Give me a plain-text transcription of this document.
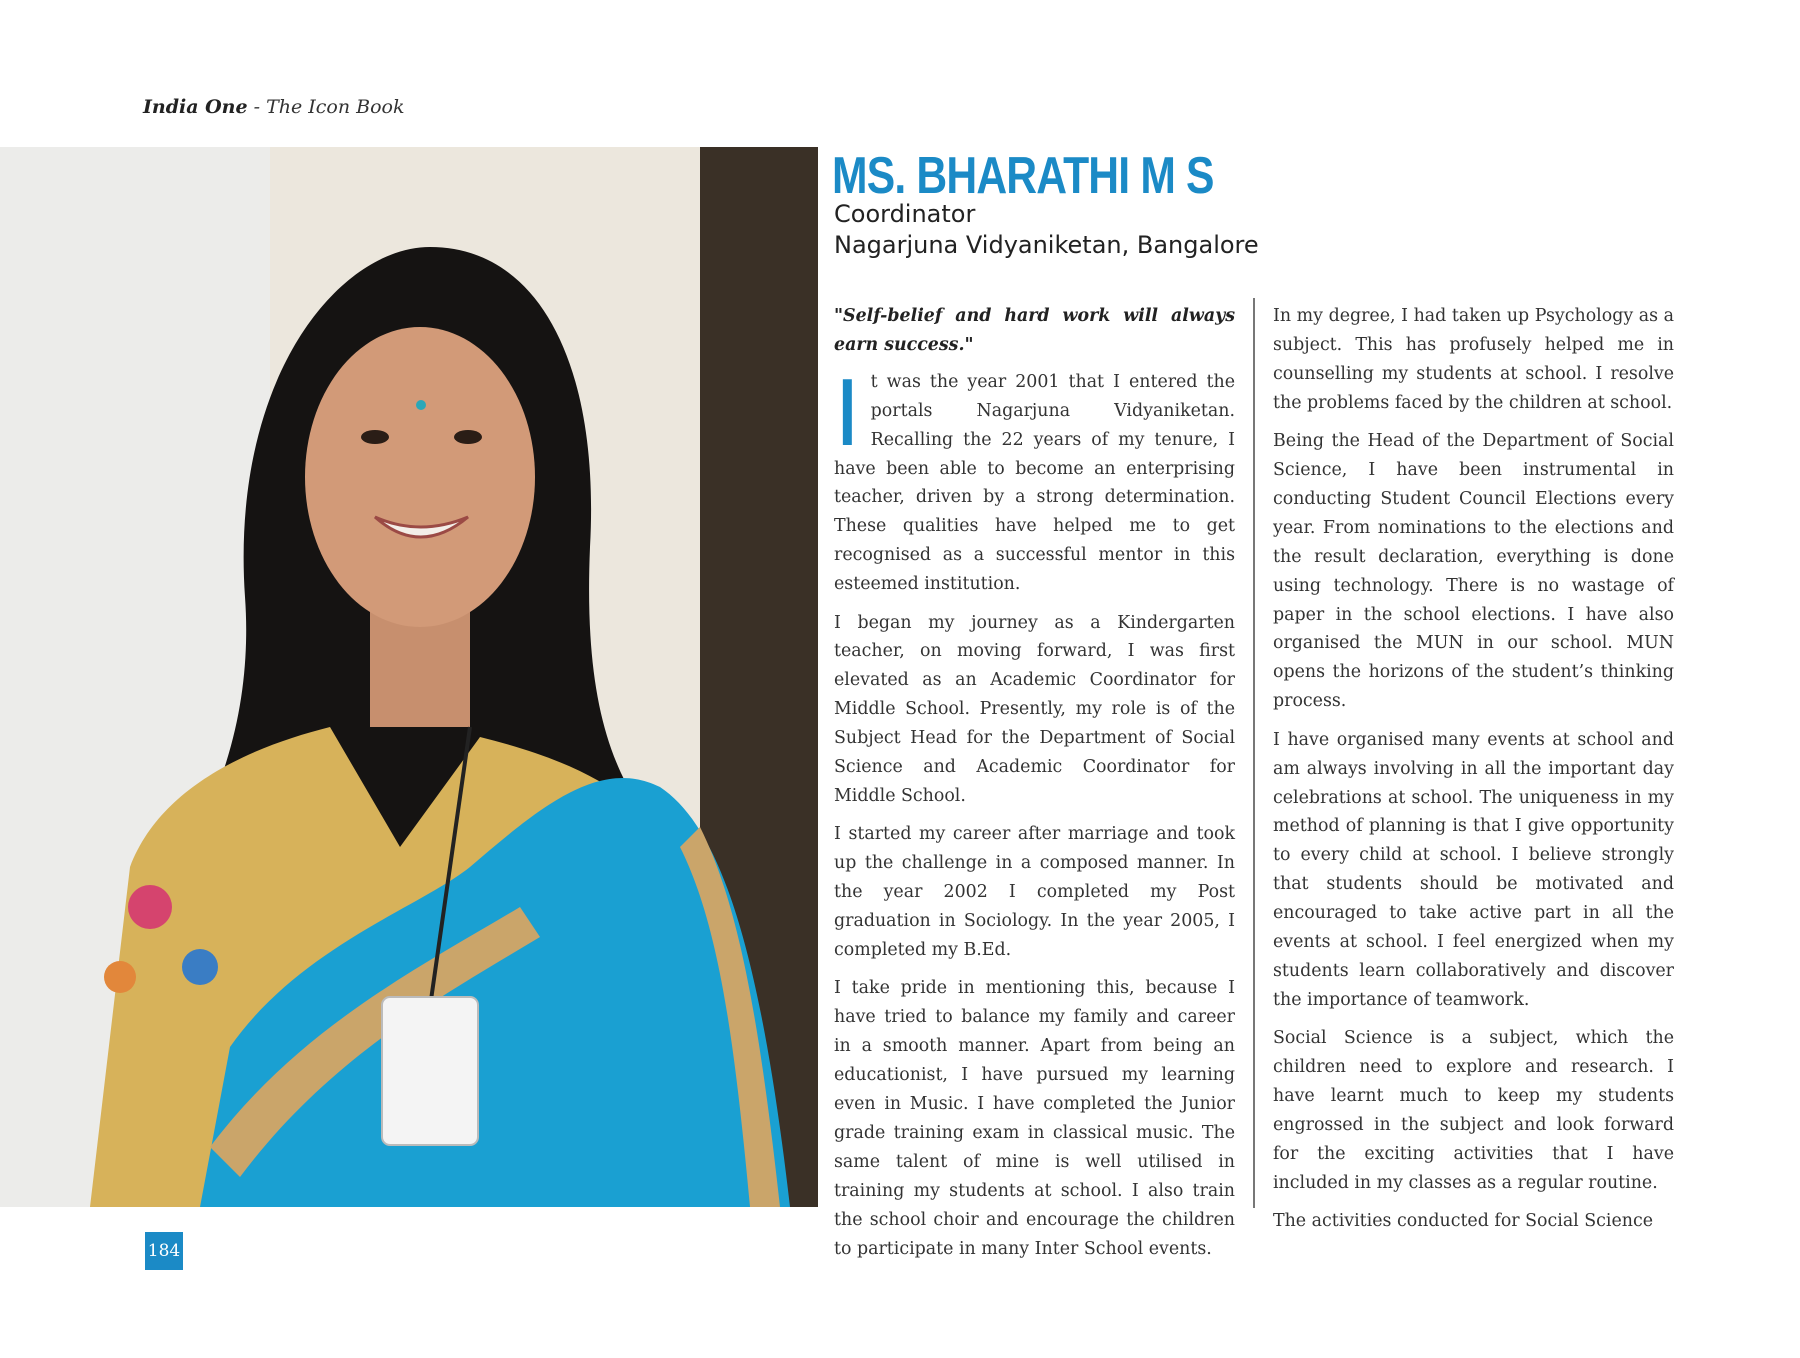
India One - The Icon Book
MS. BHARATHI M S
Coordinator
Nagarjuna Vidyaniketan, Bangalore

"Self-belief and hard work will always earn success."

It was the year 2001 that I entered the portals Nagarjuna Vidyaniketan. Recalling the 22 years of my tenure, I have been able to become an enterprising teacher, driven by a strong determination. These qualities have helped me to get recognised as a successful mentor in this esteemed institution.

I began my journey as a Kindergarten teacher, on moving forward, I was first elevated as an Academic Coordinator for Middle School. Presently, my role is of the Subject Head for the Department of Social Science and Academic Coordinator for Middle School.

I started my career after marriage and took up the challenge in a composed manner. In the year 2002 I completed my Post graduation in Sociology. In the year 2005, I completed my B.Ed.

I take pride in mentioning this, because I have tried to balance my family and career in a smooth manner. Apart from being an educationist, I have pursued my learning even in Music. I have completed the Junior grade training exam in classical music. The same talent of mine is well utilised in training my students at school. I also train the school choir and encourage the children to participate in many Inter School events.

In my degree, I had taken up Psychology as a subject. This has profusely helped me in counselling my students at school. I resolve the problems faced by the children at school.

Being the Head of the Department of Social Science, I have been instrumental in conducting Student Council Elections every year. From nominations to the elections and the result declaration, everything is done using technology. There is no wastage of paper in the school elections. I have also organised the MUN in our school. MUN opens the horizons of the student’s thinking process.

I have organised many events at school and am always involving in all the important day celebrations at school. The uniqueness in my method of planning is that I give opportunity to every child at school. I believe strongly that students should be motivated and encouraged to take active part in all the events at school. I feel energized when my students learn collaboratively and discover the importance of teamwork.

Social Science is a subject, which the children need to explore and research. I have learnt much to keep my students engrossed in the subject and look forward for the exciting activities that I have included in my classes as a regular routine.

The activities conducted for Social Science

184
